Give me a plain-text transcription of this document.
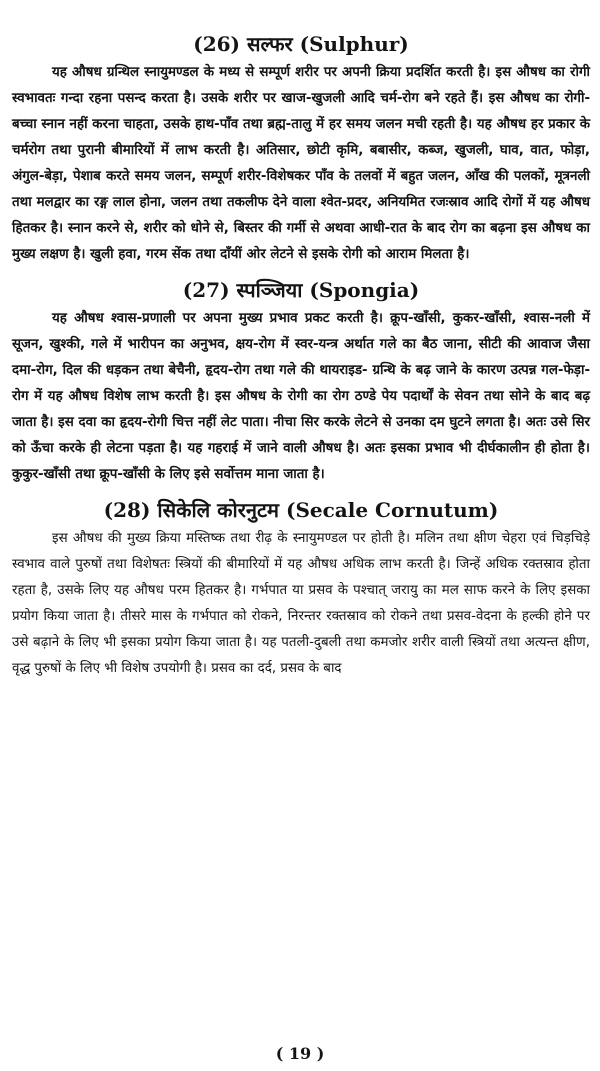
(26) सल्फर (Sulphur)

यह औषध ग्रन्थिल स्नायुमण्डल के मध्य से सम्पूर्ण शरीर पर अपनी क्रिया प्रदर्शित करती है। इस औषध का रोगी स्वभावतः गन्दा रहना पसन्द करता है। उसके शरीर पर खाज-खुजली आदि चर्म-रोग बने रहते हैं। इस औषध का रोगी-बच्चा स्नान नहीं करना चाहता, उसके हाथ-पाँव तथा ब्रह्म-तालु में हर समय जलन मची रहती है। यह औषध हर प्रकार के चर्मरोग तथा पुरानी बीमारियों में लाभ करती है। अतिसार, छोटी कृमि, बबासीर, कब्ज, खुजली, घाव, वात, फोड़ा, अंगुल-बेड़ा, पेशाब करते समय जलन, सम्पूर्ण शरीर-विशेषकर पाँव के तलवों में बहुत जलन, आँख की पलकों, मूत्रनली तथा मलद्वार का रङ्ग लाल होना, जलन तथा तकलीफ देने वाला श्वेत-प्रदर, अनियमित रजःस्राव आदि रोगों में यह औषध हितकर है। स्नान करने से, शरीर को धोने से, बिस्तर की गर्मी से अथवा आधी-रात के बाद रोग का बढ़ना इस औषध का मुख्य लक्षण है। खुली हवा, गरम सेंक तथा दाँयीं ओर लेटने से इसके रोगी को आराम मिलता है।

(27) स्पञ्जिया (Spongia)

यह औषध श्वास-प्रणाली पर अपना मुख्य प्रभाव प्रकट करती है। क्रूप-खाँसी, कुकर-खाँसी, श्वास-नली में सूजन, खुश्की, गले में भारीपन का अनुभव, क्षय-रोग में स्वर-यन्त्र अर्थात गले का बैठ जाना, सीटी की आवाज जैसा दमा-रोग, दिल की धड़कन तथा बेचैनी, हृदय-रोग तथा गले की थायराइड- ग्रन्थि के बढ़ जाने के कारण उत्पन्न गल-फेड़ा-रोग में यह औषध विशेष लाभ करती है। इस औषध के रोगी का रोग ठण्डे पेय पदार्थों के सेवन तथा सोने के बाद बढ़ जाता है। इस दवा का हृदय-रोगी चित्त नहीं लेट पाता। नीचा सिर करके लेटने से उनका दम घुटने लगता है। अतः उसे सिर को ऊँचा करके ही लेटना पड़ता है। यह गहराई में जाने वाली औषध है। अतः इसका प्रभाव भी दीर्घकालीन ही होता है। कुकुर-खाँसी तथा क्रूप-खाँसी के लिए इसे सर्वोत्तम माना जाता है।

(28) सिकेलि कोरनुटम (Secale Cornutum)

इस औषध की मुख्य क्रिया मस्तिष्क तथा रीढ़ के स्नायुमण्डल पर होती है। मलिन तथा क्षीण चेहरा एवं चिड़चिड़े स्वभाव वाले पुरुषों तथा विशेषतः स्त्रियों की बीमारियों में यह औषध अधिक लाभ करती है। जिन्हें अधिक रक्तस्राव होता रहता है, उसके लिए यह औषध परम हितकर है। गर्भपात या प्रसव के पश्चात् जरायु का मल साफ करने के लिए इसका प्रयोग किया जाता है। तीसरे मास के गर्भपात को रोकने, निरन्तर रक्तस्राव को रोकने तथा प्रसव-वेदना के हल्की होने पर उसे बढ़ाने के लिए भी इसका प्रयोग किया जाता है। यह पतली-दुबली तथा कमजोर शरीर वाली स्त्रियों तथा अत्यन्त क्षीण, वृद्ध पुरुषों के लिए भी विशेष उपयोगी है। प्रसव का दर्द, प्रसव के बाद

( 19 )
